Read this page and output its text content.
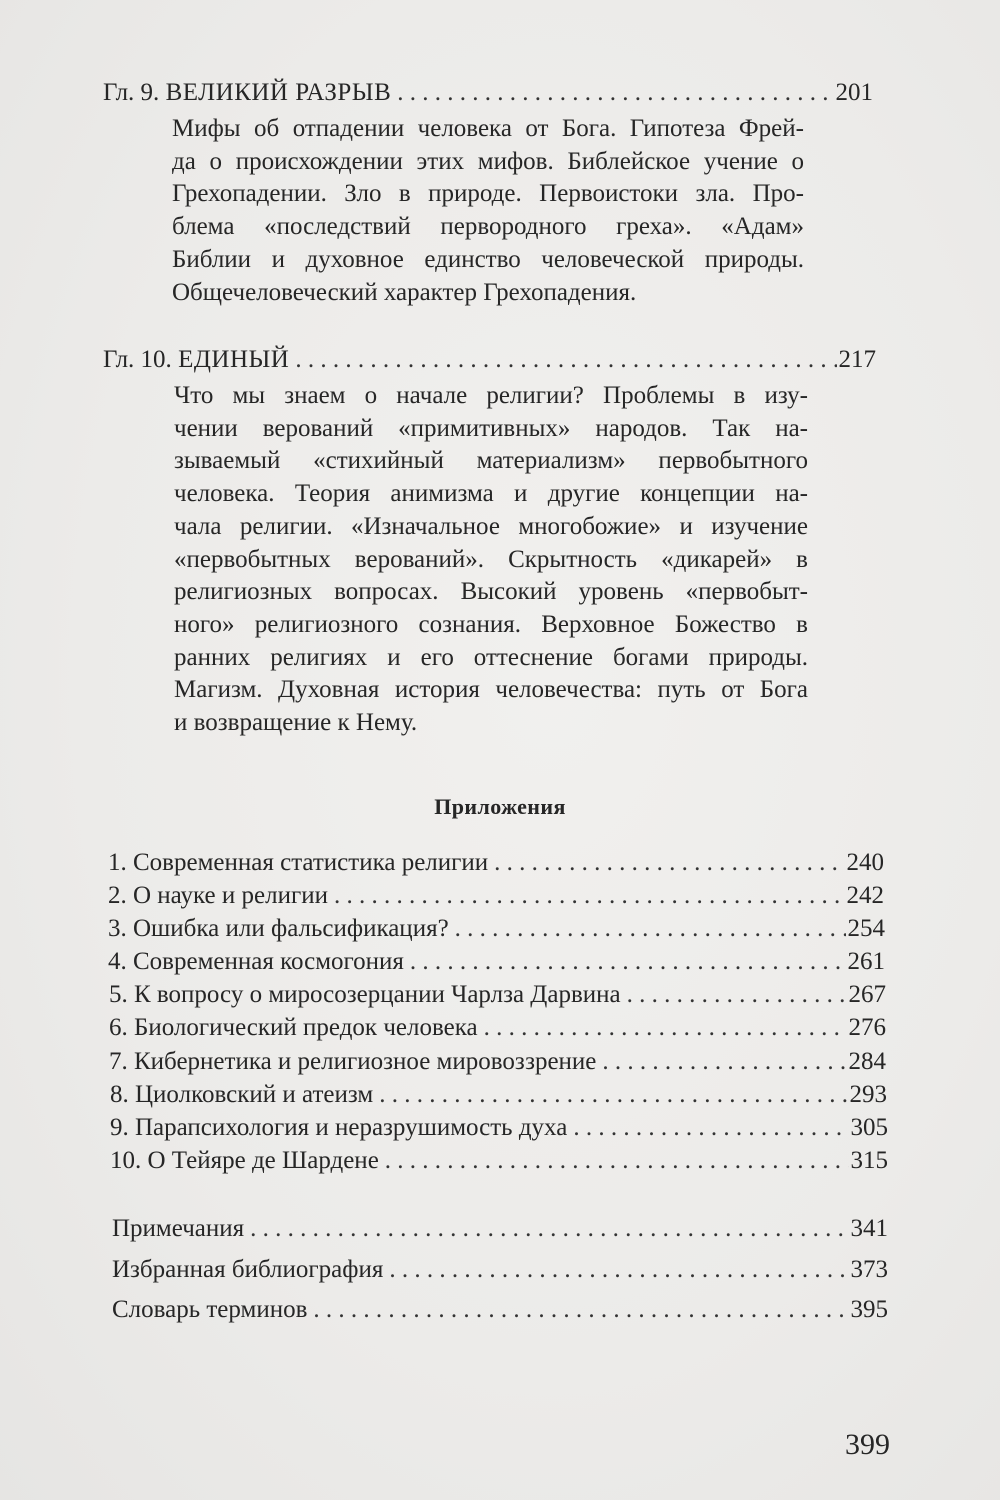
Гл. 9. ВЕЛИКИЙ РАЗРЫВ . . .	201
Мифы об отпадении человека от Бога. Гипотеза Фрей-
да о происхождении этих мифов. Библейское учение о
Грехопадении. Зло в природе. Первоистоки зла. Про-
блема «последствий первородного греха». «Адам»
Библии и духовное единство человеческой природы.
Общечеловеческий характер Грехопадения.
Гл. 10. ЕДИНЫЙ . . .	217
Что мы знаем о начале религии? Проблемы в изу-
чении верований «примитивных» народов. Так на-
зываемый «стихийный материализм» первобытного
человека. Теория анимизма и другие концепции на-
чала религии. «Изначальное многобожие» и изучение
«первобытных верований». Скрытность «дикарей» в
религиозных вопросах. Высокий уровень «первобыт-
ного» религиозного сознания. Верховное Божество в
ранних религиях и его оттеснение богами природы.
Магизм. Духовная история человечества: путь от Бога
и возвращение к Нему.
Приложения
1. Современная статистика религии . . .	240
2. О науке и религии . . .	242
3. Ошибка или фальсификация? . . .	254
4. Современная космогония . . .	261
5. К вопросу о миросозерцании Чарлза Дарвина . . .	267
6. Биологический предок человека . . .	276
7. Кибернетика и религиозное мировоззрение . . .	284
8. Циолковский и атеизм . . .	293
9. Парапсихология и неразрушимость духа . . .	305
10. О Тейяре де Шардене . . .	315
Примечания . . .	341
Избранная библиография . . .	373
Словарь терминов . . .	395
399
